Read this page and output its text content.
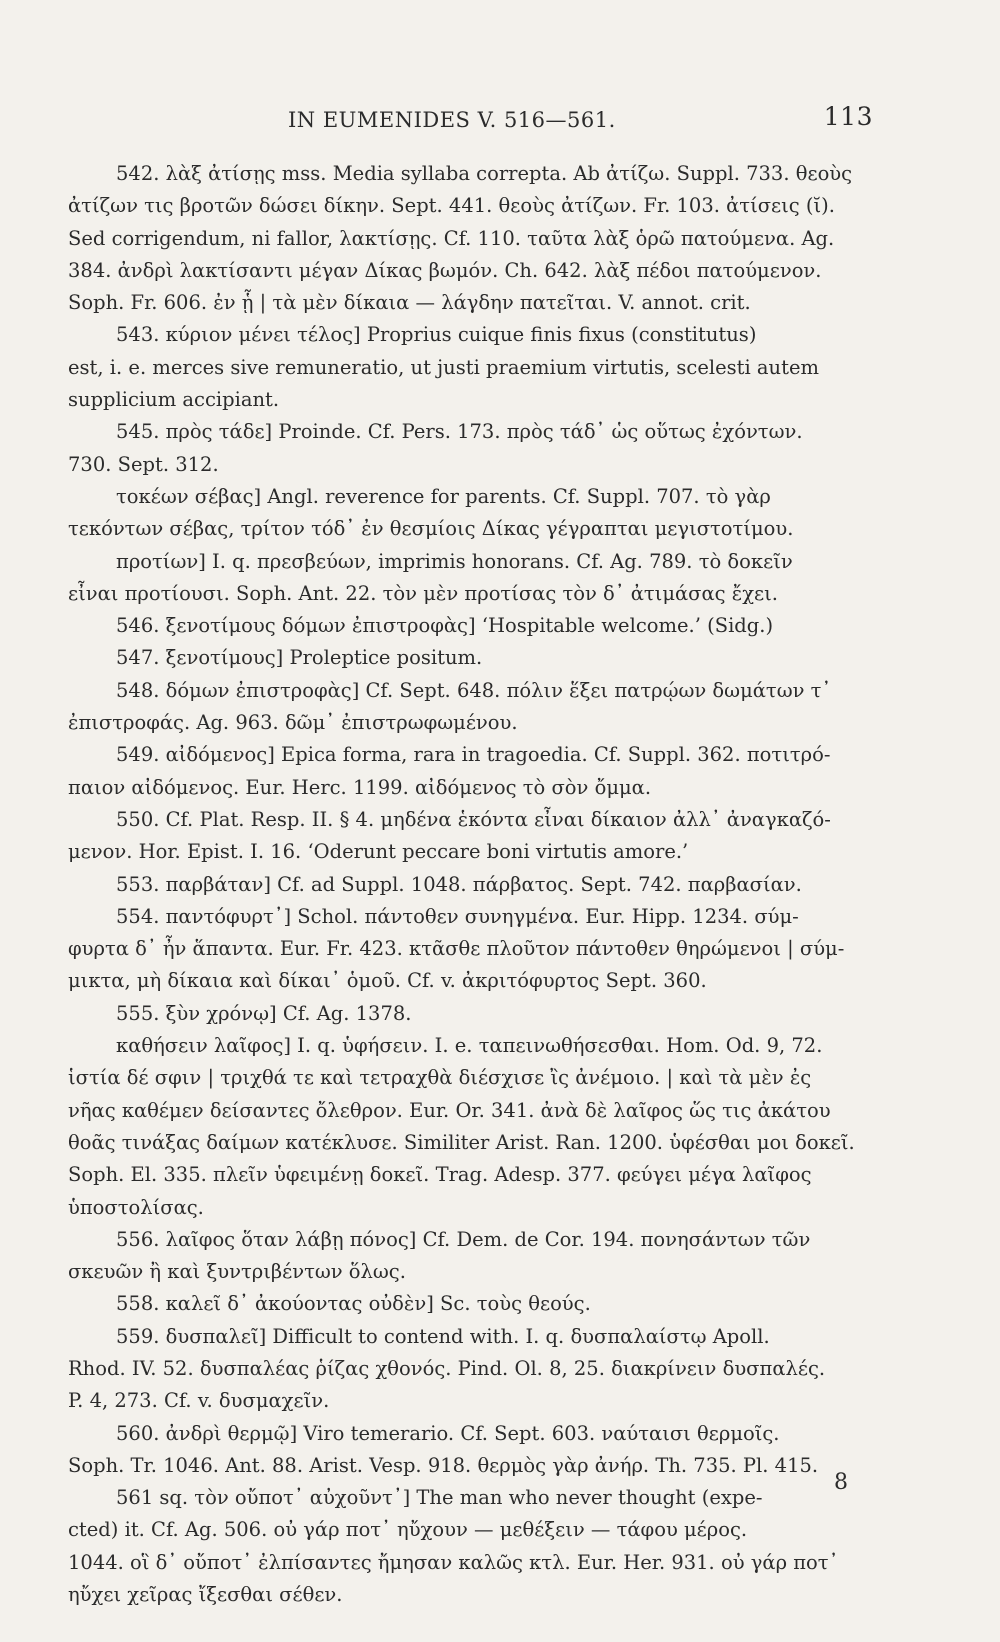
IN EUMENIDES V. 516—561.	113
542. λὰξ ἀτίσῃς mss. Media syllaba correpta. Ab ἀτίζω. Suppl. 733. θεοὺς
ἀτίζων τις βροτῶν δώσει δίκην. Sept. 441. θεοὺς ἀτίζων. Fr. 103. ἀτίσεις (ῐ).
Sed corrigendum, ni fallor, λακτίσῃς. Cf. 110. ταῦτα λὰξ ὁρῶ πατούμενα. Ag.
384. ἀνδρὶ λακτίσαντι μέγαν Δίκας βωμόν. Ch. 642. λὰξ πέδοι πατούμενον.
Soph. Fr. 606. ἐν ᾗ | τὰ μὲν δίκαια — λάγδην πατεῖται. V. annot. crit.
543. κύριον μένει τέλος] Proprius cuique finis fixus (constitutus)
est, i. e. merces sive remuneratio, ut justi praemium virtutis, scelesti autem
supplicium accipiant.
545. πρὸς τάδε] Proinde. Cf. Pers. 173. πρὸς τάδ᾽ ὡς οὕτως ἐχόντων.
730. Sept. 312.
τοκέων σέβας] Angl. reverence for parents. Cf. Suppl. 707. τὸ γὰρ
τεκόντων σέβας, τρίτον τόδ᾽ ἐν θεσμίοις Δίκας γέγραπται μεγιστοτίμου.
προτίων] I. q. πρεσβεύων, imprimis honorans. Cf. Ag. 789. τὸ δοκεῖν
εἶναι προτίουσι. Soph. Ant. 22. τὸν μὲν προτίσας τὸν δ᾽ ἀτιμάσας ἔχει.
546. ξενοτίμους δόμων ἐπιστροφὰς] ‘Hospitable welcome.’ (Sidg.)
547. ξενοτίμους] Proleptice positum.
548. δόμων ἐπιστροφὰς] Cf. Sept. 648. πόλιν ἕξει πατρῴων δωμάτων τ᾽
ἐπιστροφάς. Ag. 963. δῶμ᾽ ἐπιστρωφωμένου.
549. αἰδόμενος] Epica forma, rara in tragoedia. Cf. Suppl. 362. ποτιτρό-
παιον αἰδόμενος. Eur. Herc. 1199. αἰδόμενος τὸ σὸν ὄμμα.
550. Cf. Plat. Resp. II. § 4. μηδένα ἑκόντα εἶναι δίκαιον ἀλλ᾽ ἀναγκαζό-
μενον. Hor. Epist. I. 16. ‘Oderunt peccare boni virtutis amore.’
553. παρβάταν] Cf. ad Suppl. 1048. πάρβατος. Sept. 742. παρβασίαν.
554. παντόφυρτ᾽] Schol. πάντοθεν συνηγμένα. Eur. Hipp. 1234. σύμ-
φυρτα δ᾽ ἦν ἅπαντα. Eur. Fr. 423. κτᾶσθε πλοῦτον πάντοθεν θηρώμενοι | σύμ-
μικτα, μὴ δίκαια καὶ δίκαι᾽ ὁμοῦ. Cf. v. ἀκριτόφυρτος Sept. 360.
555. ξὺν χρόνῳ] Cf. Ag. 1378.
καθήσειν λαῖφος] I. q. ὑφήσειν. I. e. ταπεινωθήσεσθαι. Hom. Od. 9, 72.
ἱστία δέ σφιν | τριχθά τε καὶ τετραχθὰ διέσχισε ἲς ἀνέμοιο. | καὶ τὰ μὲν ἐς
νῆας καθέμεν δείσαντες ὄλεθρον. Eur. Or. 341. ἀνὰ δὲ λαῖφος ὥς τις ἀκάτου
θοᾶς τινάξας δαίμων κατέκλυσε. Similiter Arist. Ran. 1200. ὑφέσθαι μοι δοκεῖ.
Soph. El. 335. πλεῖν ὑφειμένῃ δοκεῖ. Trag. Adesp. 377. φεύγει μέγα λαῖφος
ὑποστολίσας.
556. λαῖφος ὅταν λάβῃ πόνος] Cf. Dem. de Cor. 194. πονησάντων τῶν
σκευῶν ἢ καὶ ξυντριβέντων ὅλως.
558. καλεῖ δ᾽ ἀκούοντας οὐδὲν] Sc. τοὺς θεούς.
559. δυσπαλεῖ] Difficult to contend with. I. q. δυσπαλαίστῳ Apoll.
Rhod. IV. 52. δυσπαλέας ῥίζας χθονός. Pind. Ol. 8, 25. διακρίνειν δυσπαλές.
P. 4, 273. Cf. v. δυσμαχεῖν.
560. ἀνδρὶ θερμῷ] Viro temerario. Cf. Sept. 603. ναύταισι θερμοῖς.
Soph. Tr. 1046. Ant. 88. Arist. Vesp. 918. θερμὸς γὰρ ἀνήρ. Th. 735. Pl. 415.
561 sq. τὸν οὔποτ᾽ αὐχοῦντ᾽] The man who never thought (expe-
cted) it. Cf. Ag. 506. οὐ γάρ ποτ᾽ ηὔχουν — μεθέξειν — τάφου μέρος.
1044. οἳ δ᾽ οὔποτ᾽ ἐλπίσαντες ἤμησαν καλῶς κτλ. Eur. Her. 931. οὐ γάρ ποτ᾽
ηὔχει χεῖρας ἴξεσθαι σέθεν.
8
